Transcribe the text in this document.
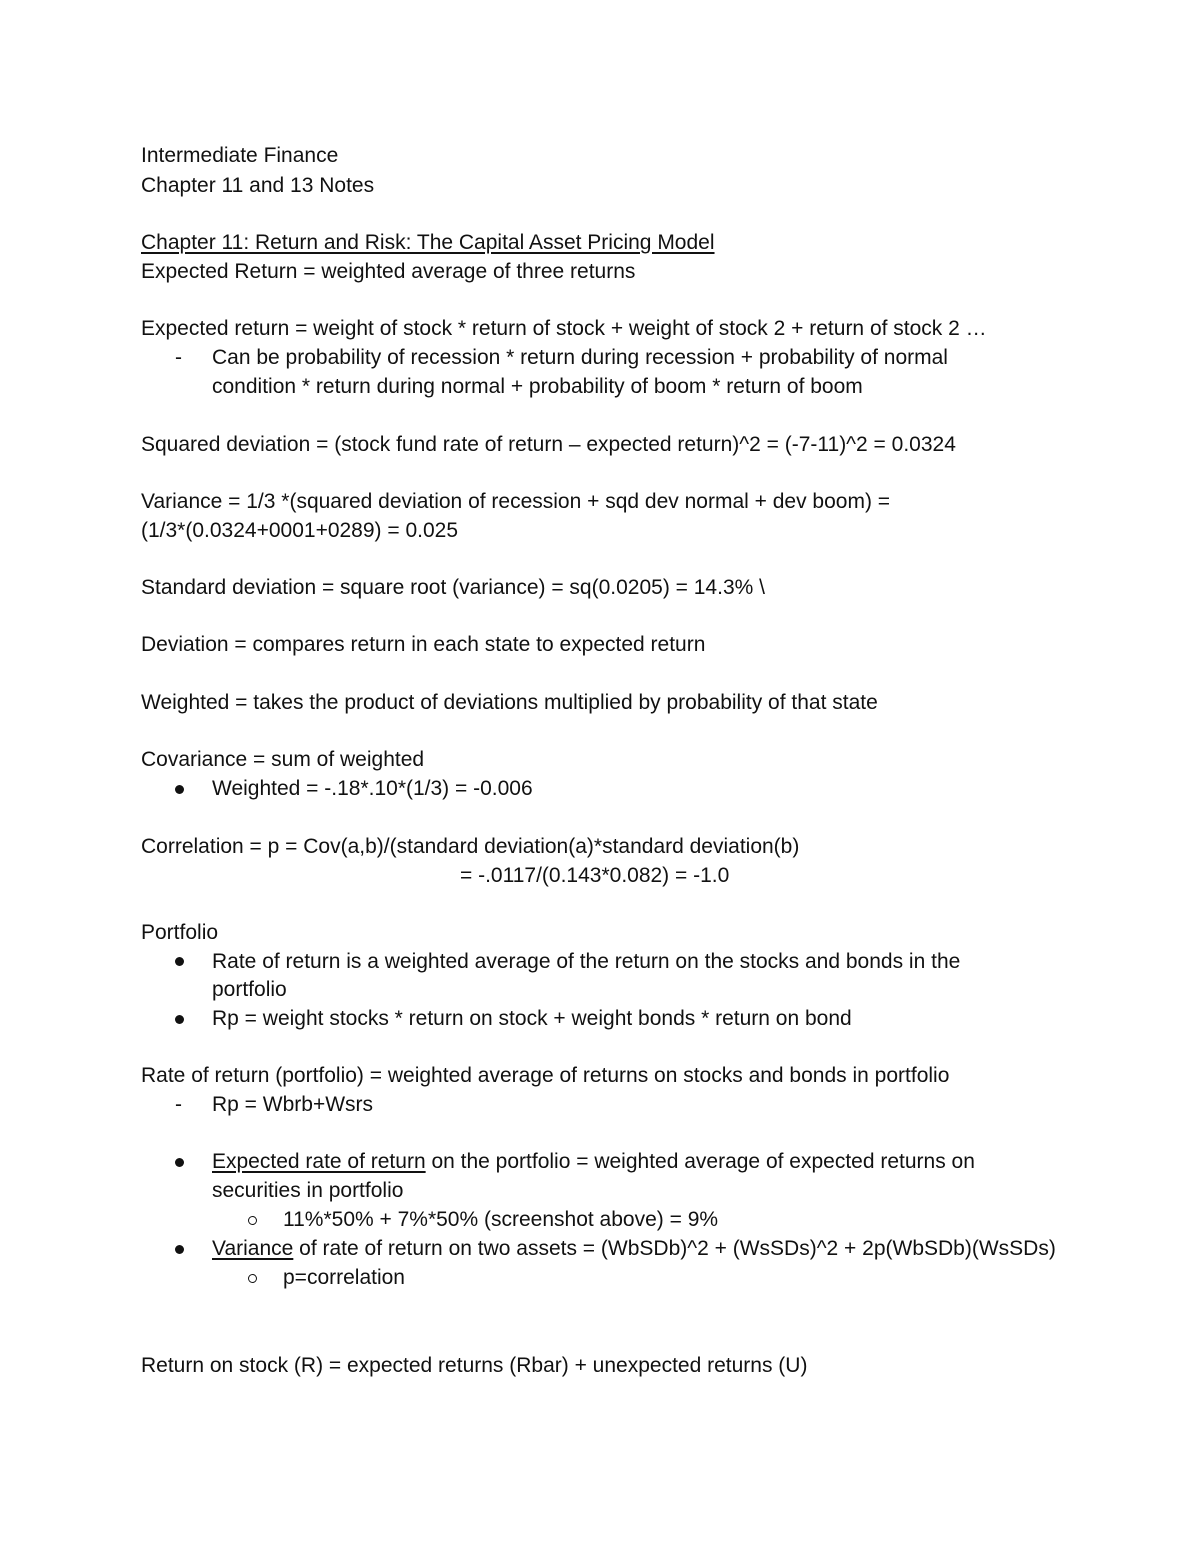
Intermediate Finance
Chapter 11 and 13 Notes
Chapter 11: Return and Risk: The Capital Asset Pricing Model
Expected Return = weighted average of three returns
Expected return = weight of stock * return of stock + weight of stock 2 + return of stock 2 …
- Can be probability of recession * return during recession + probability of normal
condition * return during normal + probability of boom * return of boom
Squared deviation = (stock fund rate of return – expected return)^2 = (-7-11)^2 = 0.0324
Variance = 1/3 *(squared deviation of recession + sqd dev normal + dev boom) =
(1/3*(0.0324+0001+0289) = 0.025
Standard deviation = square root (variance) = sq(0.0205) = 14.3% \
Deviation = compares return in each state to expected return
Weighted = takes the product of deviations multiplied by probability of that state
Covariance = sum of weighted
Weighted = -.18*.10*(1/3) = -0.006
Correlation = p = Cov(a,b)/(standard deviation(a)*standard deviation(b)
= -.0117/(0.143*0.082) = -1.0
Portfolio
Rate of return is a weighted average of the return on the stocks and bonds in the
portfolio
Rp = weight stocks * return on stock + weight bonds * return on bond
Rate of return (portfolio) = weighted average of returns on stocks and bonds in portfolio
- Rp = Wbrb+Wsrs
Expected rate of return on the portfolio = weighted average of expected returns on
securities in portfolio
11%*50% + 7%*50% (screenshot above) = 9%
Variance of rate of return on two assets = (WbSDb)^2 + (WsSDs)^2 + 2p(WbSDb)(WsSDs)
p=correlation
Return on stock (R) = expected returns (Rbar) + unexpected returns (U)
